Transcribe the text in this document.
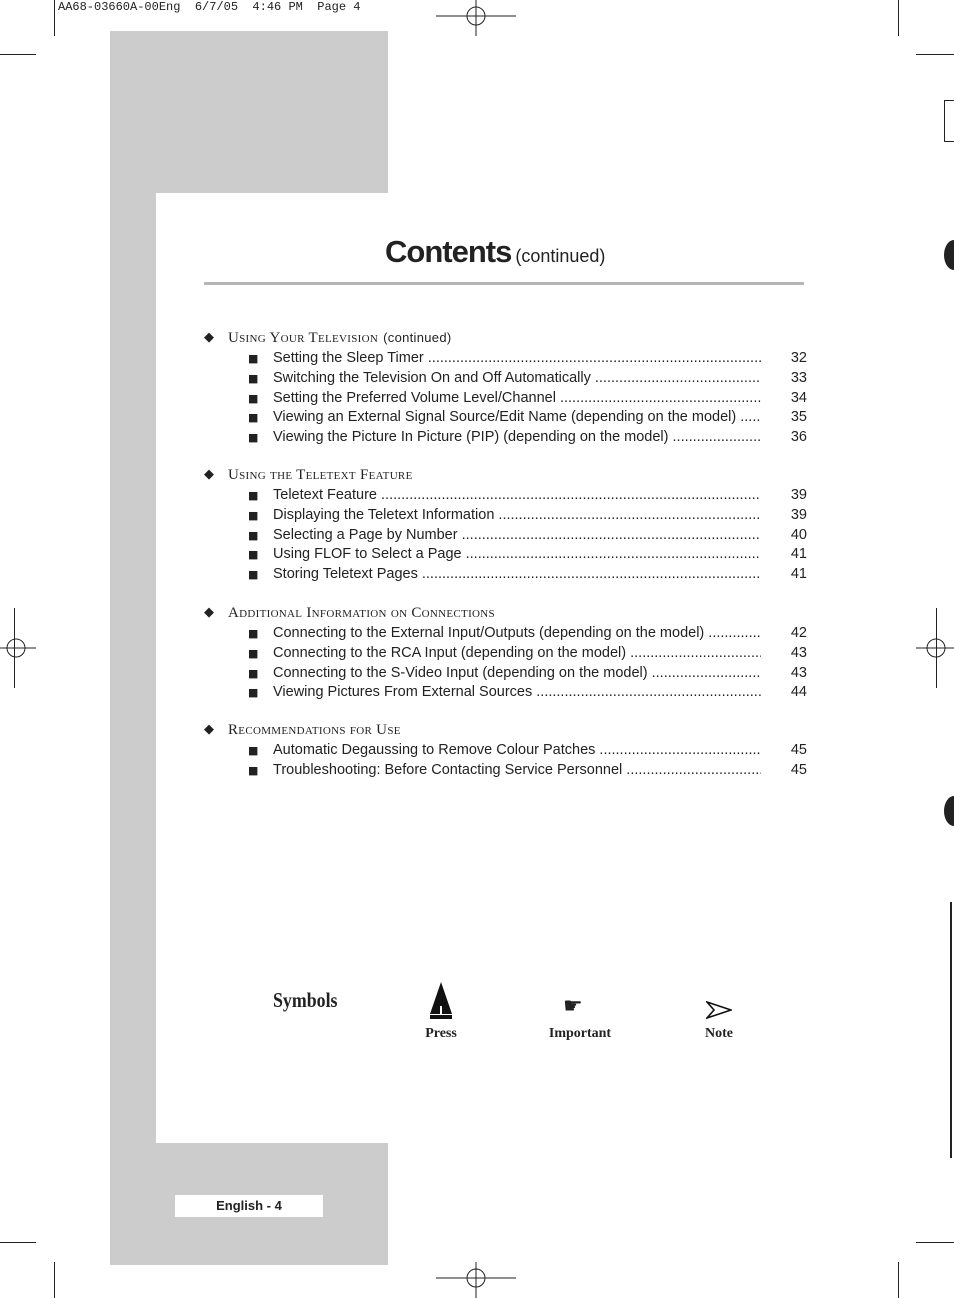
AA68-03660A-00Eng  6/7/05  4:46 PM  Page 4
Contents (continued)
◆ Using Your Television (continued)
■ Setting the Sleep Timer .....	32
■ Switching the Television On and Off Automatically .....	33
■ Setting the Preferred Volume Level/Channel .....	34
■ Viewing an External Signal Source/Edit Name (depending on the model) .....	35
■ Viewing the Picture In Picture (PIP) (depending on the model) .....	36
◆ Using the Teletext Feature
■ Teletext Feature .....	39
■ Displaying the Teletext Information .....	39
■ Selecting a Page by Number .....	40
■ Using FLOF to Select a Page .....	41
■ Storing Teletext Pages .....	41
◆ Additional Information on Connections
■ Connecting to the External Input/Outputs (depending on the model) .....	42
■ Connecting to the RCA Input (depending on the model) .....	43
■ Connecting to the S-Video Input (depending on the model) .....	43
■ Viewing Pictures From External Sources .....	44
◆ Recommendations for Use
■ Automatic Degaussing to Remove Colour Patches .....	45
■ Troubleshooting: Before Contacting Service Personnel .....	45
Symbols
Press
☛
Important	Note
English - 4
